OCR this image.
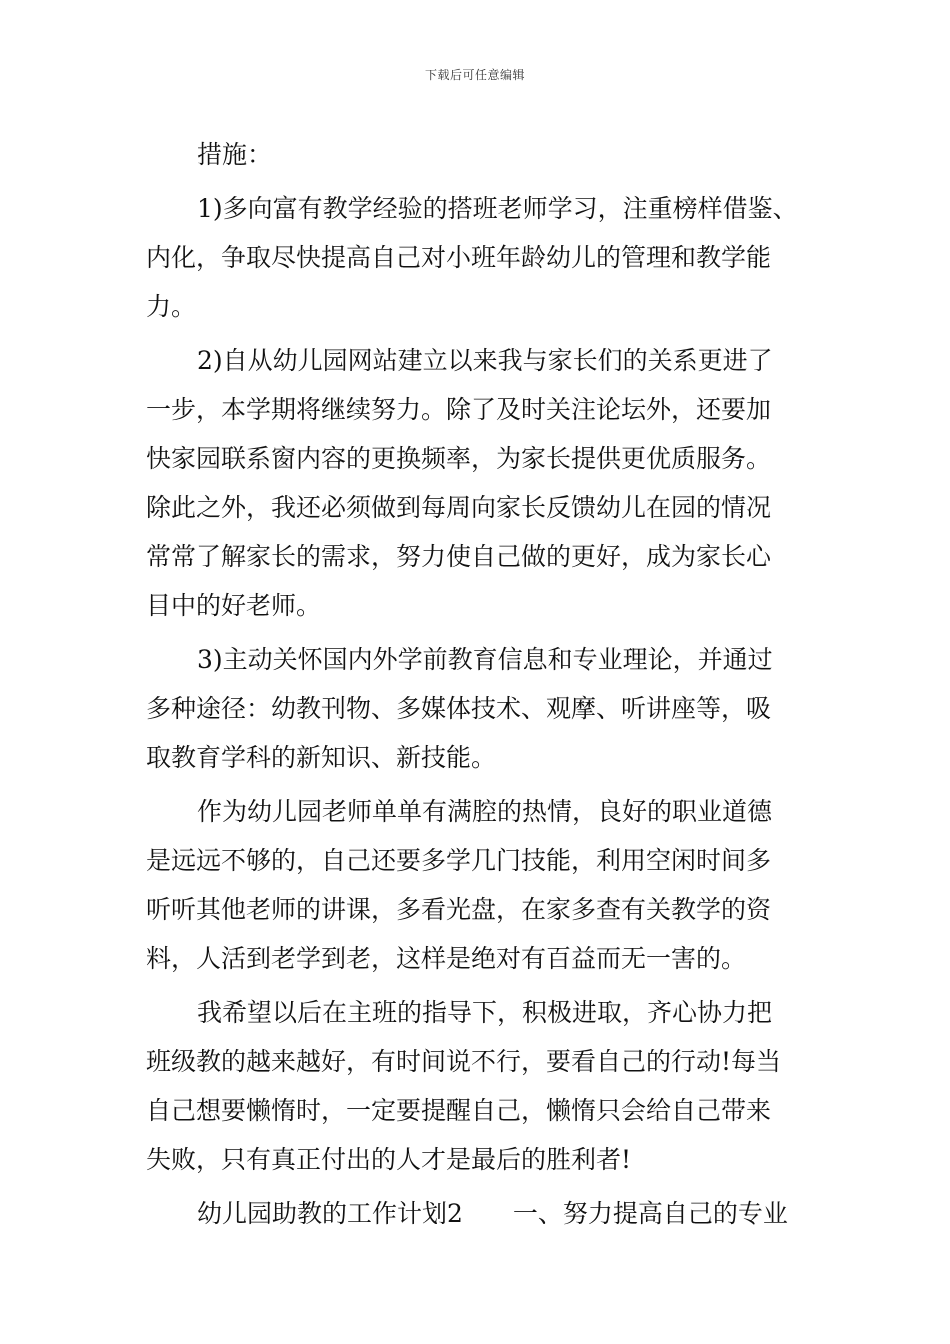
下载后可任意编辑
措施：
1)多向富有教学经验的搭班老师学习，注重榜样借鉴、
内化，争取尽快提高自己对小班年龄幼儿的管理和教学能
力。
2)自从幼儿园网站建立以来我与家长们的关系更进了
一步，本学期将继续努力。除了及时关注论坛外，还要加
快家园联系窗内容的更换频率，为家长提供更优质服务。
除此之外，我还必须做到每周向家长反馈幼儿在园的情况
常常了解家长的需求，努力使自己做的更好，成为家长心
目中的好老师。
3)主动关怀国内外学前教育信息和专业理论，并通过
多种途径：幼教刊物、多媒体技术、观摩、听讲座等，吸
取教育学科的新知识、新技能。
作为幼儿园老师单单有满腔的热情，良好的职业道德
是远远不够的，自己还要多学几门技能，利用空闲时间多
听听其他老师的讲课，多看光盘，在家多查有关教学的资
料，人活到老学到老，这样是绝对有百益而无一害的。
我希望以后在主班的指导下，积极进取，齐心协力把
班级教的越来越好，有时间说不行，要看自己的行动!每当
自己想要懒惰时，一定要提醒自己，懒惰只会给自己带来
失败，只有真正付出的人才是最后的胜利者!
幼儿园助教的工作计划2　　一、努力提高自己的专业
